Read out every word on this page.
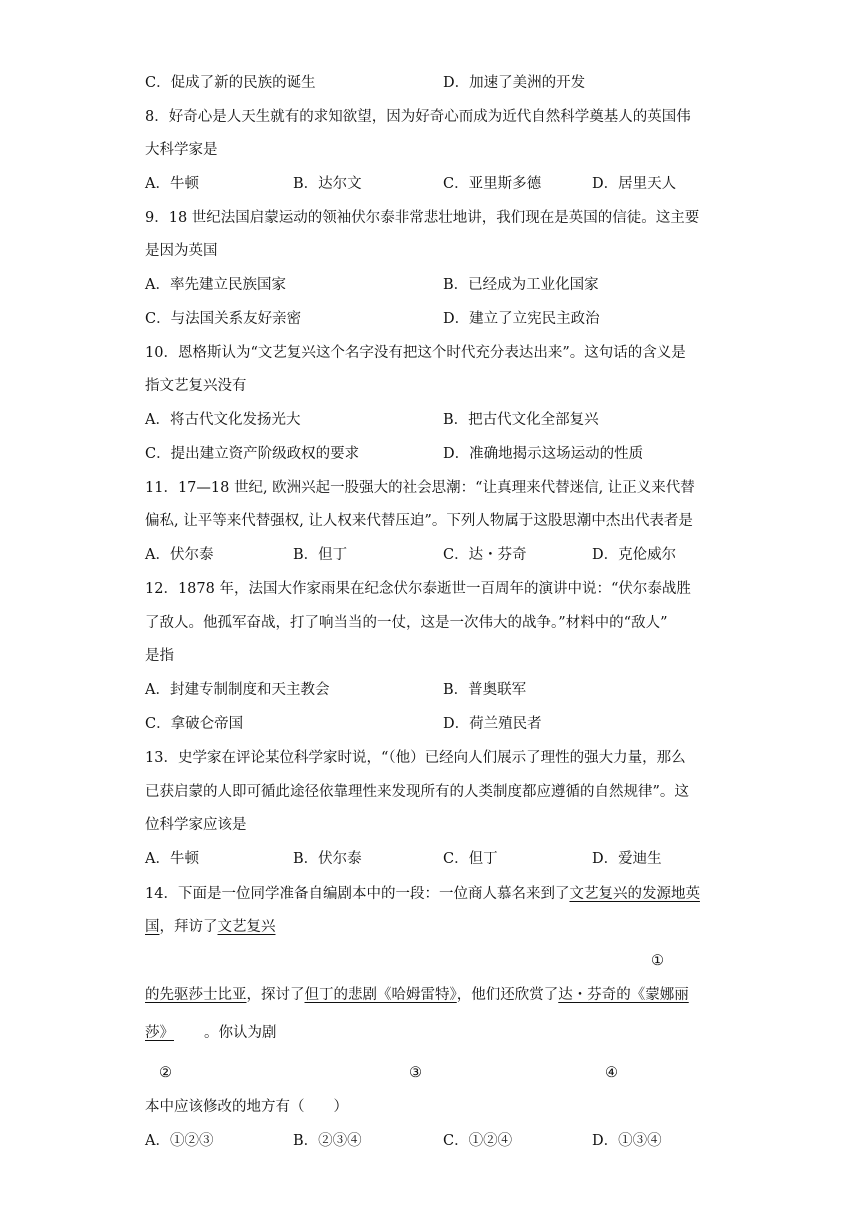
C．促成了新的民族的诞生	D．加速了美洲的开发
8．好奇心是人天生就有的求知欲望，因为好奇心而成为近代自然科学奠基人的英国伟
大科学家是
A．牛顿	B．达尔文	C．亚里斯多德	D．居里天人
9．18 世纪法国启蒙运动的领袖伏尔泰非常悲壮地讲，我们现在是英国的信徒。这主要
是因为英国
A．率先建立民族国家	B．已经成为工业化国家
C．与法国关系友好亲密	D．建立了立宪民主政治
10．恩格斯认为“文艺复兴这个名字没有把这个时代充分表达出来”。这句话的含义是
指文艺复兴没有
A．将古代文化发扬光大	B．把古代文化全部复兴
C．提出建立资产阶级政权的要求	D．准确地揭示这场运动的性质
11．17—18 世纪, 欧洲兴起一股强大的社会思潮：“让真理来代替迷信, 让正义来代替
偏私, 让平等来代替强权, 让人权来代替压迫”。下列人物属于这股思潮中杰出代表者是
A．伏尔泰	B．但丁	C．达・芬奇	D．克伦威尔
12．1878 年，法国大作家雨果在纪念伏尔泰逝世一百周年的演讲中说：“伏尔泰战胜
了敌人。他孤军奋战，打了响当当的一仗，这是一次伟大的战争。”材料中的“敌人”
是指
A．封建专制制度和天主教会	B．普奥联军
C．拿破仑帝国	D．荷兰殖民者
13．史学家在评论某位科学家时说，“（他）已经向人们展示了理性的强大力量，那么
已获启蒙的人即可循此途径依靠理性来发现所有的人类制度都应遵循的自然规律”。这
位科学家应该是
A．牛顿	B．伏尔泰	C．但丁	D．爱迪生
14．下面是一位同学准备自编剧本中的一段：一位商人慕名来到了文艺复兴的发源地英
国，拜访了文艺复兴
①
的先驱莎士比亚，探讨了但丁的悲剧《哈姆雷特》，他们还欣赏了达・芬奇的《蒙娜丽
莎》 。你认为剧
②	③	④
本中应该修改的地方有（　　）
A．①②③	B．②③④	C．①②④	D．①③④
